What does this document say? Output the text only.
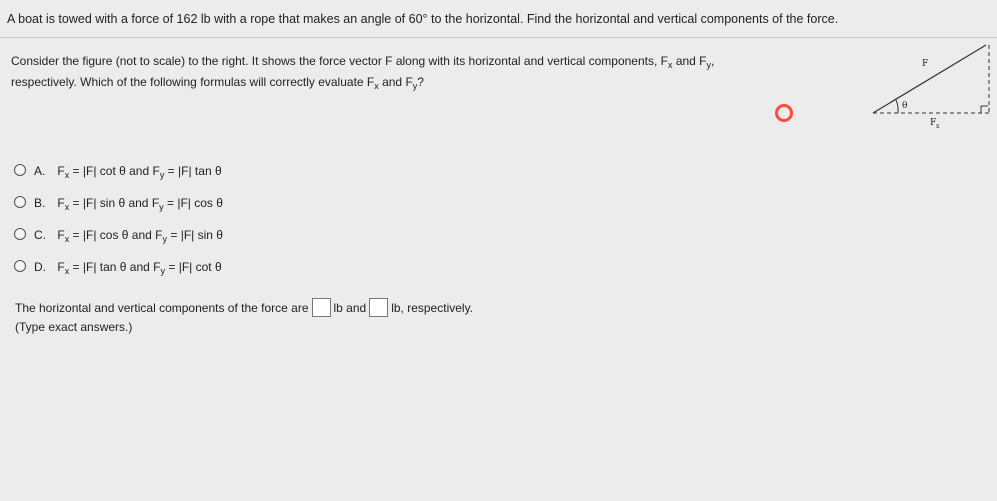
A boat is towed with a force of 162 lb with a rope that makes an angle of 60° to the horizontal. Find the horizontal and vertical components of the force.
Consider the figure (not to scale) to the right. It shows the force vector F along with its horizontal and vertical components, $F_x$ and $F_y$,
respectively. Which of the following formulas will correctly evaluate $F_x$ and $F_y$?
F
θ
F x
A. $F_x = |F|$ cot θ and $F_y = |F|$ tan θ
B. $F_x = |F|$ sin θ and $F_y = |F|$ cos θ
C. $F_x = |F|$ cos θ and $F_y = |F|$ sin θ
D. $F_x = |F|$ tan θ and $F_y = |F|$ cot θ
The horizontal and vertical components of the force are lb and lb, respectively.
(Type exact answers.)
